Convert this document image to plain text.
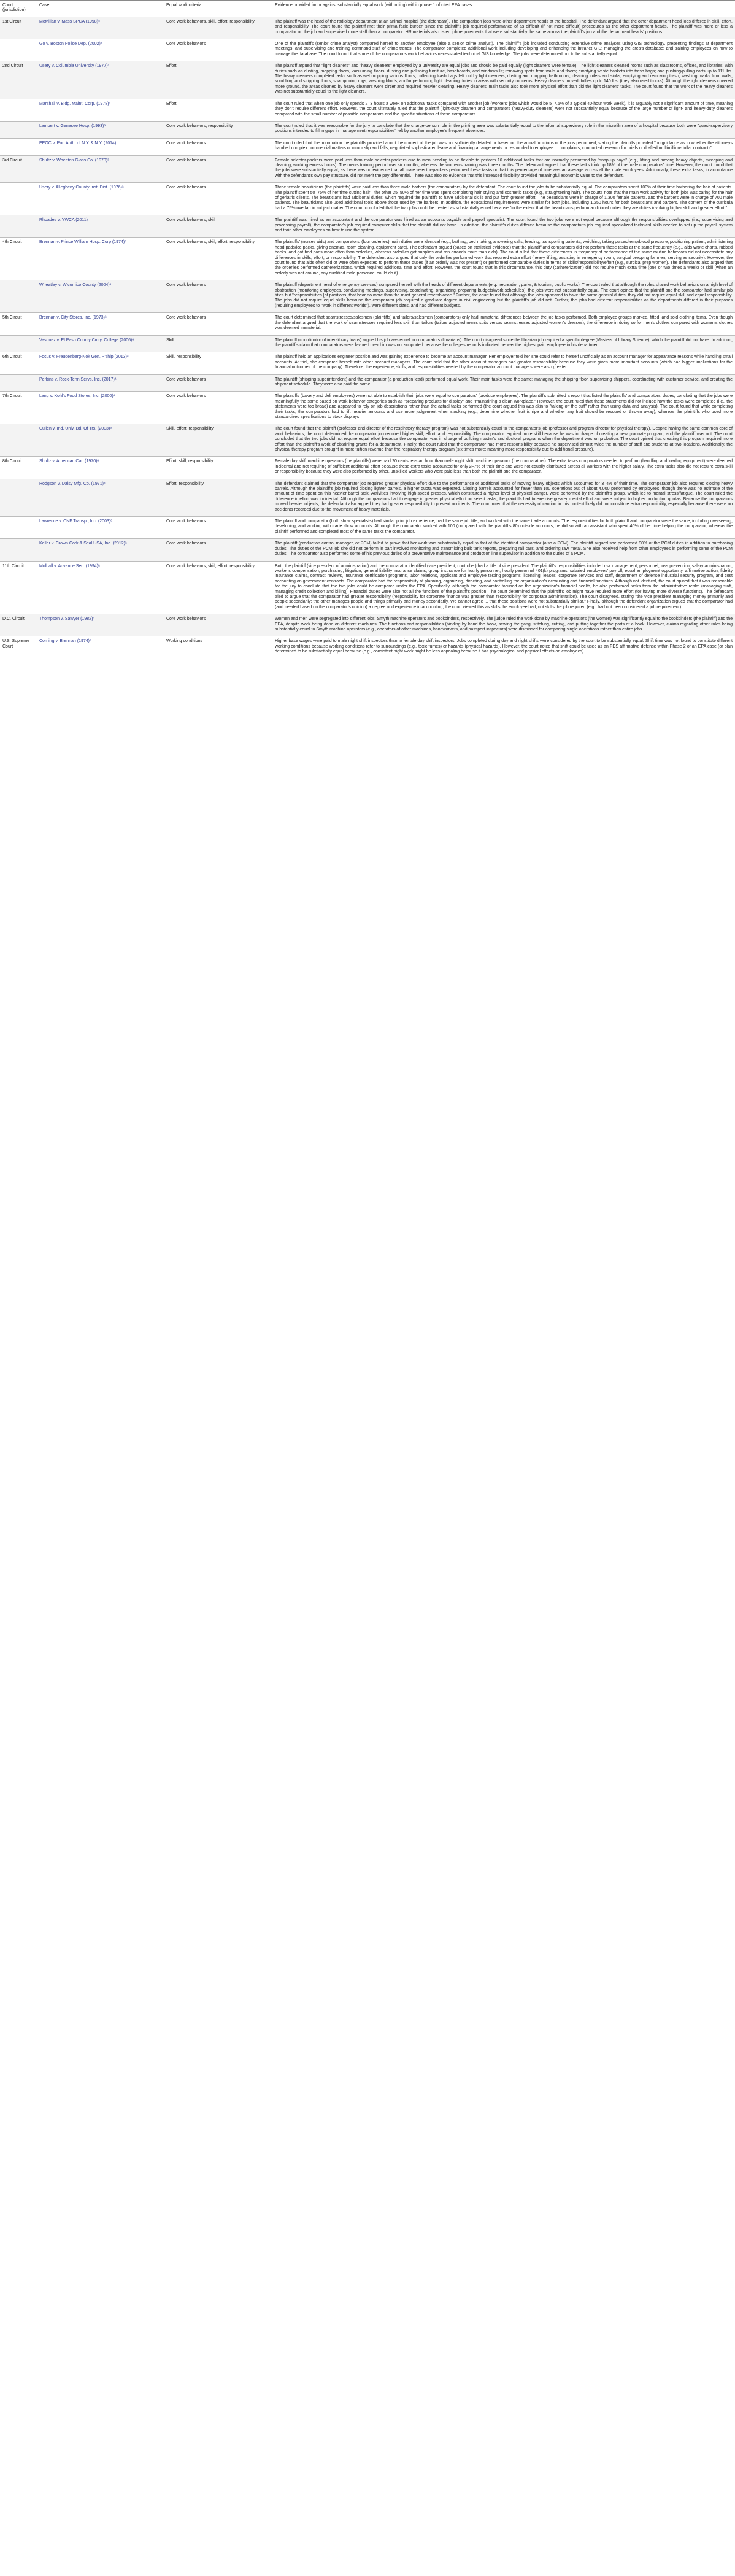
Court (jurisdiction)	Case	Equal work criteria	Evidence provided for or against substantially equal work (with ruling) within phase 1 of cited EPA cases
1st Circuit	McMillan v. Mass SPCA (1998)ᵃ	Core work behaviors, skill, effort, responsibility	The plaintiff was the head of the radiology department at an animal hospital (the defendant). The comparison jobs were other department heads at the hospital. The defendant argued that the other department head jobs differed in skill, effort, and responsibility. The court found the plaintiff met their prima facie burden since the plaintiff's job required performance of as difficult (if not more difficult) procedures as the other department heads. The plaintiff was more or less a comparator on the job and supervised more staff than a comparator. HR materials also listed job requirements that were substantially the same across the plaintiff's job and the department heads' positions.
	Go v. Boston Police Dep. (2002)ᵃ	Core work behaviors	One of the plaintiffs (senior crime analyst) compared herself to another employee (also a senior crime analyst). The plaintiff's job included conducting extensive crime analyses using GIS technology, presenting findings at department meetings, and supervising and training command staff of crime trends. The comparator completed additional work including developing and enhancing the intranet GIS; managing the area's database; and training employees on how to manage the database. The court found that some of the comparator's work behaviors necessitated technical GIS knowledge. The jobs were determined not to be substantially equal.
2nd Circuit	Usery v. Columbia University (1977)ᵃ	Effort	The plaintiff argued that "light cleaners" and "heavy cleaners" employed by a university are equal jobs and should be paid equally (light cleaners were female). The light cleaners cleaned rooms such as classrooms, offices, and libraries, with duties such as dusting, mopping floors, vacuuming floors; dusting and polishing furniture, baseboards, and windowsills; removing spots from walls and floors; emptying waste baskets into trash bags; and pushing/pulling carts up to 111 lbs. The heavy cleaners completed tasks such as wet mopping various floors, collecting trash bags left out by light cleaners, dusting and mopping bathrooms, cleaning toilets and sinks, emptying and removing trash, washing marks from walls, scrubbing and stripping floors, shampooing rugs, washing blinds, and/or performing light cleaning duties in areas with security concerns. Heavy cleaners moved dollies up to 140 lbs. (they also used trucks). Although the light cleaners covered more ground, the areas cleaned by heavy cleaners were dirtier and required heavier cleaning. Heavy cleaners' main tasks also took more physical effort than did the light cleaners' tasks. The court found that the work of the heavy cleaners was not substantially equal to the light cleaners.
	Marshall v. Bldg. Maint. Corp. (1978)ᵃ	Effort	The court ruled that when one job only spends 2–3 hours a week on additional tasks compared with another job (workers' jobs which would be 5–7.5% of a typical 40-hour work week), it is arguably not a significant amount of time, meaning they don't require different effort. However, the court ultimately ruled that the plaintiff (light-duty cleaner) and comparators (heavy-duty cleaners) were not substantially equal because of the large number of light- and heavy-duty cleaners compared with the small number of possible comparators and the specific situations of these comparators.
	Lambert v. Genesee Hosp. (1993)ᵃ	Core work behaviors, responsibility	The court ruled that it was reasonable for the jury to conclude that the charge-person role in the printing area was substantially equal to the informal supervisory role in the microfilm area of a hospital because both were "quasi-supervisory positions intended to fill in gaps in management responsibilities" left by another employee's frequent absences.
	EEOC v. Port Auth. of N.Y. & N.Y. (2014)	Core work behaviors	The court ruled that the information the plaintiffs provided about the content of the job was not sufficiently detailed or based on the actual functions of the jobs performed; stating the plaintiffs provided "no guidance as to whether the attorneys handled complex commercial matters or minor slip and falls, negotiated sophisticated lease and financing arrangements or responded to employee ... complaints, conducted research for briefs or drafted multimillion-dollar contracts".
3rd Circuit	Shultz v. Wheaton Glass Co. (1970)ᵃ	Core work behaviors	Female selector-packers were paid less than male selector-packers due to men needing to be flexible to perform 16 additional tasks that are normally performed by "snap-up boys" (e.g., lifting and moving heavy objects, sweeping and cleaning, working excess hours). The men's training period was six months, whereas the women's training was three months. The defendant argued that these tasks took up 18% of the male comparators' time. However, the court found that the jobs were substantially equal, as there was no evidence that all male selector-packers performed these tasks or that this percentage of time was an average across all the male employees. Additionally, these extra tasks, in accordance with the defendant's own pay structure, did not merit the pay differential. There was also no evidence that this increased flexibility provided meaningful economic value to the defendant.
	Usery v. Allegheny County Inst. Dist. (1976)ᵃ	Core work behaviors	Three female beauticians (the plaintiffs) were paid less than three male barbers (the comparators) by the defendant. The court found the jobs to be substantially equal. The comparators spent 100% of their time barbering the hair of patients. The plaintiff spent 50–75% of her time cutting hair—the other 25–50% of her time was spent completing hair styling and cosmetic tasks (e.g., straightening hair). The courts note that the main work activity for both jobs was caring for the hair of geriatric clients. The beauticians had additional duties, which required the plaintiffs to have additional skills and put forth greater effort. The beauticians were in charge of 1,300 female patients, and the barbers were in charge of 700 male patients. The beauticians also used additional tools above those used by the barbers. In addition, the educational requirements were similar for both jobs, including 1,250 hours for both beauticians and barbers. The content of the curricula had a 75% overlap in subject matter. The court concluded that the two jobs could be treated as substantially equal because "to the extent that the beauticians perform additional duties they are duties involving higher skill and greater effort."
	Rhoades v. YWCA (2011)	Core work behaviors, skill	The plaintiff was hired as an accountant and the comparator was hired as an accounts payable and payroll specialist. The court found the two jobs were not equal because although the responsibilities overlapped (i.e., supervising and processing payroll), the comparator's job required computer skills that the plaintiff did not have. In addition, the plaintiff's duties differed because the comparator's job required specialized technical skills needed to set up the payroll system and train other employees on how to use the system.
4th Circuit	Brennan v. Prince William Hosp. Corp (1974)ᵃ	Core work behaviors, skill, effort, responsibility	The plaintiffs' (nurses aids) and comparators' (four orderlies) main duties were identical (e.g., bathing, bed making, answering calls, feeding, transporting patients, weighing, taking pulses/temp/blood pressure, positioning patient, administering head pads/ice packs, giving enemas, room cleaning, equipment care). The defendant argued (based on statistical evidence) that the plaintiff and comparators did not perform these tasks at the same frequency (e.g., aids wrote charts, rubbed backs, and got bed pans more often than orderlies, whereas orderlies got supplies and ran errands more than aids). The court ruled that these differences in frequency of performance of the same routine behaviors did not necessitate any differences in skills, effort, or responsibility. The defendant also argued that only the orderlies performed work that required extra effort (heavy lifting, assisting in emergency room, surgical prepping for men, serving as security). However, the court found that aids often did or were often expected to perform these duties (if an orderly was not present) or performed comparable duties in terms of skills/responsibility/effort (e.g., surgical prep women). The defendants also argued that the orderlies performed catheterizations, which required additional time and effort. However, the court found that in this circumstance, this duty (catheterization) did not require much extra time (one or two times a week) or skill (when an orderly was not around, any qualified male personnel could do it).
	Wheatley v. Wicomico County (2004)ᵃ	Core work behaviors	The plaintiff (department head of emergency services) compared herself with the heads of different departments (e.g., recreation, parks, & tourism, public works). The court ruled that although the roles shared work behaviors on a high level of abstraction (monitoring employees, conducting meetings, supervising, coordinating, organizing, preparing budgets/work schedules), the jobs were not substantially equal. The court opined that the plaintiff and the comparator had similar job titles but "responsibilities [of positions] that bear no more than the most general resemblance." Further, the court found that although the jobs appeared to have the same general duties, they did not require equal skill and equal responsibility. The jobs did not require equal skills because the comparator job required a graduate degree in civil engineering but the plaintiff's job did not. Further, the jobs had different responsibilities as the departments differed in their purposes (requiring employees to "work in different worlds"), were different sizes, and had different budgets.
5th Circuit	Brennan v. City Stores, Inc. (1973)ᵃ	Core work behaviors	The court determined that seamstresses/salesmen (plaintiffs) and tailors/salesmen (comparators) only had immaterial differences between the job tasks performed. Both employee groups marked, fitted, and sold clothing items. Even though the defendant argued that the work of seamstresses required less skill than tailors (tailors adjusted men's suits versus seamstresses adjusted women's dresses), the difference in doing so for men's clothes compared with women's clothes was deemed immaterial.
	Vasquez v. El Paso County Cmty. College (2006)ᵃ	Skill	The plaintiff (coordinator of inter-library loans) argued his job was equal to comparators (librarians). The court disagreed since the librarian job required a specific degree (Masters of Library Science), which the plaintiff did not have. In addition, the plaintiff's claim that comparators were favored over him was not supported because the college's records indicated he was the highest paid employee in his department.
6th Circuit	Focus v. Freudenberg-Nok Gen. P'ship (2013)ᵃ	Skill, responsibility	The plaintiff held an applications engineer position and was gaining experience to become an account manager. Her employer told her she could refer to herself unofficially as an account manager for appearance reasons while handling small accounts. At trial, she compared herself with other account managers. The court held that the other account managers had greater responsibility because they were given more important accounts (which had bigger implications for the financial outcomes of the company). Therefore, the experience, skills, and responsibilities needed by the comparator account managers were also greater.
	Perkins v. Rock-Tenn Servs. Inc. (2017)ᵃ	Core work behaviors	The plaintiff (shipping superintendent) and the comparator (a production lead) performed equal work. Their main tasks were the same: managing the shipping floor, supervising shippers, coordinating with customer service, and creating the shipment schedule. They were also paid the same.
7th Circuit	Lang v. Kohl's Food Stores, Inc. (2000)ᵃ	Core work behaviors	The plaintiffs (bakery and deli employees) were not able to establish their jobs were equal to comparators' (produce employees). The plaintiff's submitted a report that listed the plaintiffs' and comparators' duties, concluding that the jobs were meaningfully the same based on work behavior categories such as "preparing products for display" and "maintaining a clean workplace." However, the court ruled that these statements did not include how the tasks were completed (i.e., the statements were too broad) and appeared to rely on job descriptions rather than the actual tasks performed (the court argued this was akin to "talking off the cuff" rather than using data and analysis). The court found that while completing their tasks, the comparators had to lift heavier amounts and use more judgement when stocking (e.g., determine whether fruit is ripe and whether any fruit should be rescued or thrown away), whereas the plaintiffs who used more standardized specifications to stock displays.
	Cullen v. Ind. Univ. Bd. Of Trs. (2003)ᵃ	Skill, effort, responsibility	The court found that the plaintiff (professor and director of the respiratory therapy program) was not substantially equal to the comparator's job (professor and program director for physical therapy). Despite having the same common core of work behaviors, the court determined the comparator job required higher skill, effort, and responsibility. The comparator required more skill because he was in charge of creating a new graduate program, and the plaintiff was not. The court concluded that the two jobs did not require equal effort because the comparator was in charge of building master's and doctoral programs when the department was on probation. The court opined that creating this program required more effort than the plaintiff's work of obtaining grants for a department. Finally, the court ruled that the comparator had more responsibility because he supervised almost twice the number of staff and students at two locations. Additionally, the physical therapy program brought in more tuition revenue than the respiratory therapy program (six times more; meaning more responsibility due to additional pressure).
8th Circuit	Shultz v. American Can (1970)ᵃ	Effort, skill, responsibility	Female day shift machine operators (the plaintiffs) were paid 20 cents less an hour than male night shift machine operators (the comparators). The extra tasks comparators needed to perform (handling and loading equipment) were deemed incidental and not requiring of sufficient additional effort because these extra tasks accounted for only 2–7% of their time and were not equally distributed across all workers with the higher salary. The extra tasks also did not require extra skill or responsibility because they were also performed by other, unskilled workers who were paid less than both the plaintiff and the comparator.
	Hodgson v. Daisy Mfg. Co. (1971)ᵃ	Effort, responsibility	The defendant claimed that the comparator job required greater physical effort due to the performance of additional tasks of moving heavy objects which accounted for 3–4% of their time. The comparator job also required closing heavy barrels. Although the plaintiff's job required closing lighter barrels, a higher quota was expected. Closing barrels accounted for fewer than 100 operations out of about 4,000 performed by employees, though there was no estimate of the amount of time spent on this heavier barrel task. Activities involving high-speed presses, which constituted a higher level of physical danger, were performed by the plaintiff's group, which led to mental stress/fatigue. The court ruled the difference in effort was incidental. Although the comparators had to engage in greater physical effort on select tasks, the plaintiffs had to exercise greater mental effort and were subject to higher production quotas. Because the comparators moved heavier objects, the defendant also argued they had greater responsibility to prevent accidents. The court ruled that the necessity of caution in this context likely did not constitute extra responsibility, especially because there were no accidents recorded due to the movement of heavy materials.
	Lawrence v. CNF Transp., Inc. (2003)ᵃ	Core work behaviors	The plaintiff and comparator (both show specialists) had similar prior job experience, had the same job title, and worked with the same trade accounts. The responsibilities for both plaintiff and comparator were the same, including overseeing, developing, and working with trade show accounts. Although the comparator worked with 100 (compared with the plaintiff's 80) outside accounts, he did so with an assistant who spent 40% of her time helping the comparator, whereas the plaintiff performed and completed most of the same tasks the comparator.
	Keller v. Crown Cork & Seal USA, Inc. (2012)ᵃ	Core work behaviors	The plaintiff (production control manager, or PCM) failed to prove that her work was substantially equal to that of the identified comparator (also a PCM). The plaintiff argued she performed 90% of the PCM duties in addition to purchasing duties. The duties of the PCM job she did not perform in part involved monitoring and transmitting bulk tank reports, preparing rail cars, and ordering raw metal. She also received help from other employees in performing some of the PCM duties. The comparator also performed some of his previous duties of a preventative maintenance and production line supervisor in addition to the duties of a PCM.
11th Circuit	Mulhall v. Advance Sec. (1994)ᵃ	Core work behaviors, skill, effort, responsibility	Both the plaintiff (vice president of administration) and the comparator identified (vice president, controller) had a title of vice president. The plaintiff's responsibilities included risk management, personnel, loss prevention, salary administration, worker's compensation, purchasing, litigation, general liability insurance claims, group insurance for hourly personnel, hourly personnel 401(k) programs, salaried employees' payroll, equal employment opportunity, affirmative action, fidelity insurance claims, contract reviews, insurance certification programs, labor relations, applicant and employee testing programs, licensing, leases, corporate services and staff, department of defense industrial security program, and cost accounting on government contracts. The comparator had the responsibility of planning, organizing, directing, and controlling the organization's accounting and financial functions. Although not identical, the court opined that it was reasonable for the jury to conclude that the two jobs could be compared under the EPA. Specifically, although the comparator focused on the organization's financial health, he also performed tasks from the administrative realm (managing staff, managing credit collection and billing). Financial duties were also not all the functions of the plaintiff's position. The court determined that the plaintiff's job might have required more effort (for having more diverse functions). The defendant tried to argue that the comparator had greater responsibility (responsibility for corporate finance was greater than responsibility for corporate administration). The court disagreed, stating "the vice president managing money primarily and people secondarily; the other manages people and things primarily and money secondarily. We cannot agree ... that these positions were not substantially similar." Finally, although the defendant organization argued that the comparator had (and needed based on the comparator's opinion) a degree and experience in accounting, the court viewed this as skills the employee had, not skills the job required (e.g., had not been considered a job requirement).
D.C. Circuit	Thompson v. Sawyer (1982)ᵃ	Core work behaviors	Women and men were segregated into different jobs, Smyth machine operators and bookbinders, respectively. The judge ruled the work done by machine operators (the women) was significantly equal to the bookbinders (the plaintiff) and the EPA, despite work being done on different machines. The functions and responsibilities (binding by hand the book, sewing the gang, stitching, cutting, and putting together the parts of a book. However, claims regarding other roles being substantially equal to Smyth machine operators (e.g., operators of other machines, handworkers, and passport inspectors) were dismissed for comparing single operations rather than entire jobs.
U.S. Supreme Court	Corning v. Brennan (1974)ᵃ	Working conditions	Higher base wages were paid to male night shift inspectors than to female day shift inspectors. Jobs completed during day and night shifts were considered by the court to be substantially equal. Shift time was not found to constitute different working conditions because working conditions refer to surroundings (e.g., toxic fumes) or hazards (physical hazards). However, the court noted that shift could be used as an FDS affirmative defense within Phase 2 of an EPA case (or plan determined to be substantially equal because (e.g., consistent night work might be less appealing because it has psychological and physical effects on employees).
